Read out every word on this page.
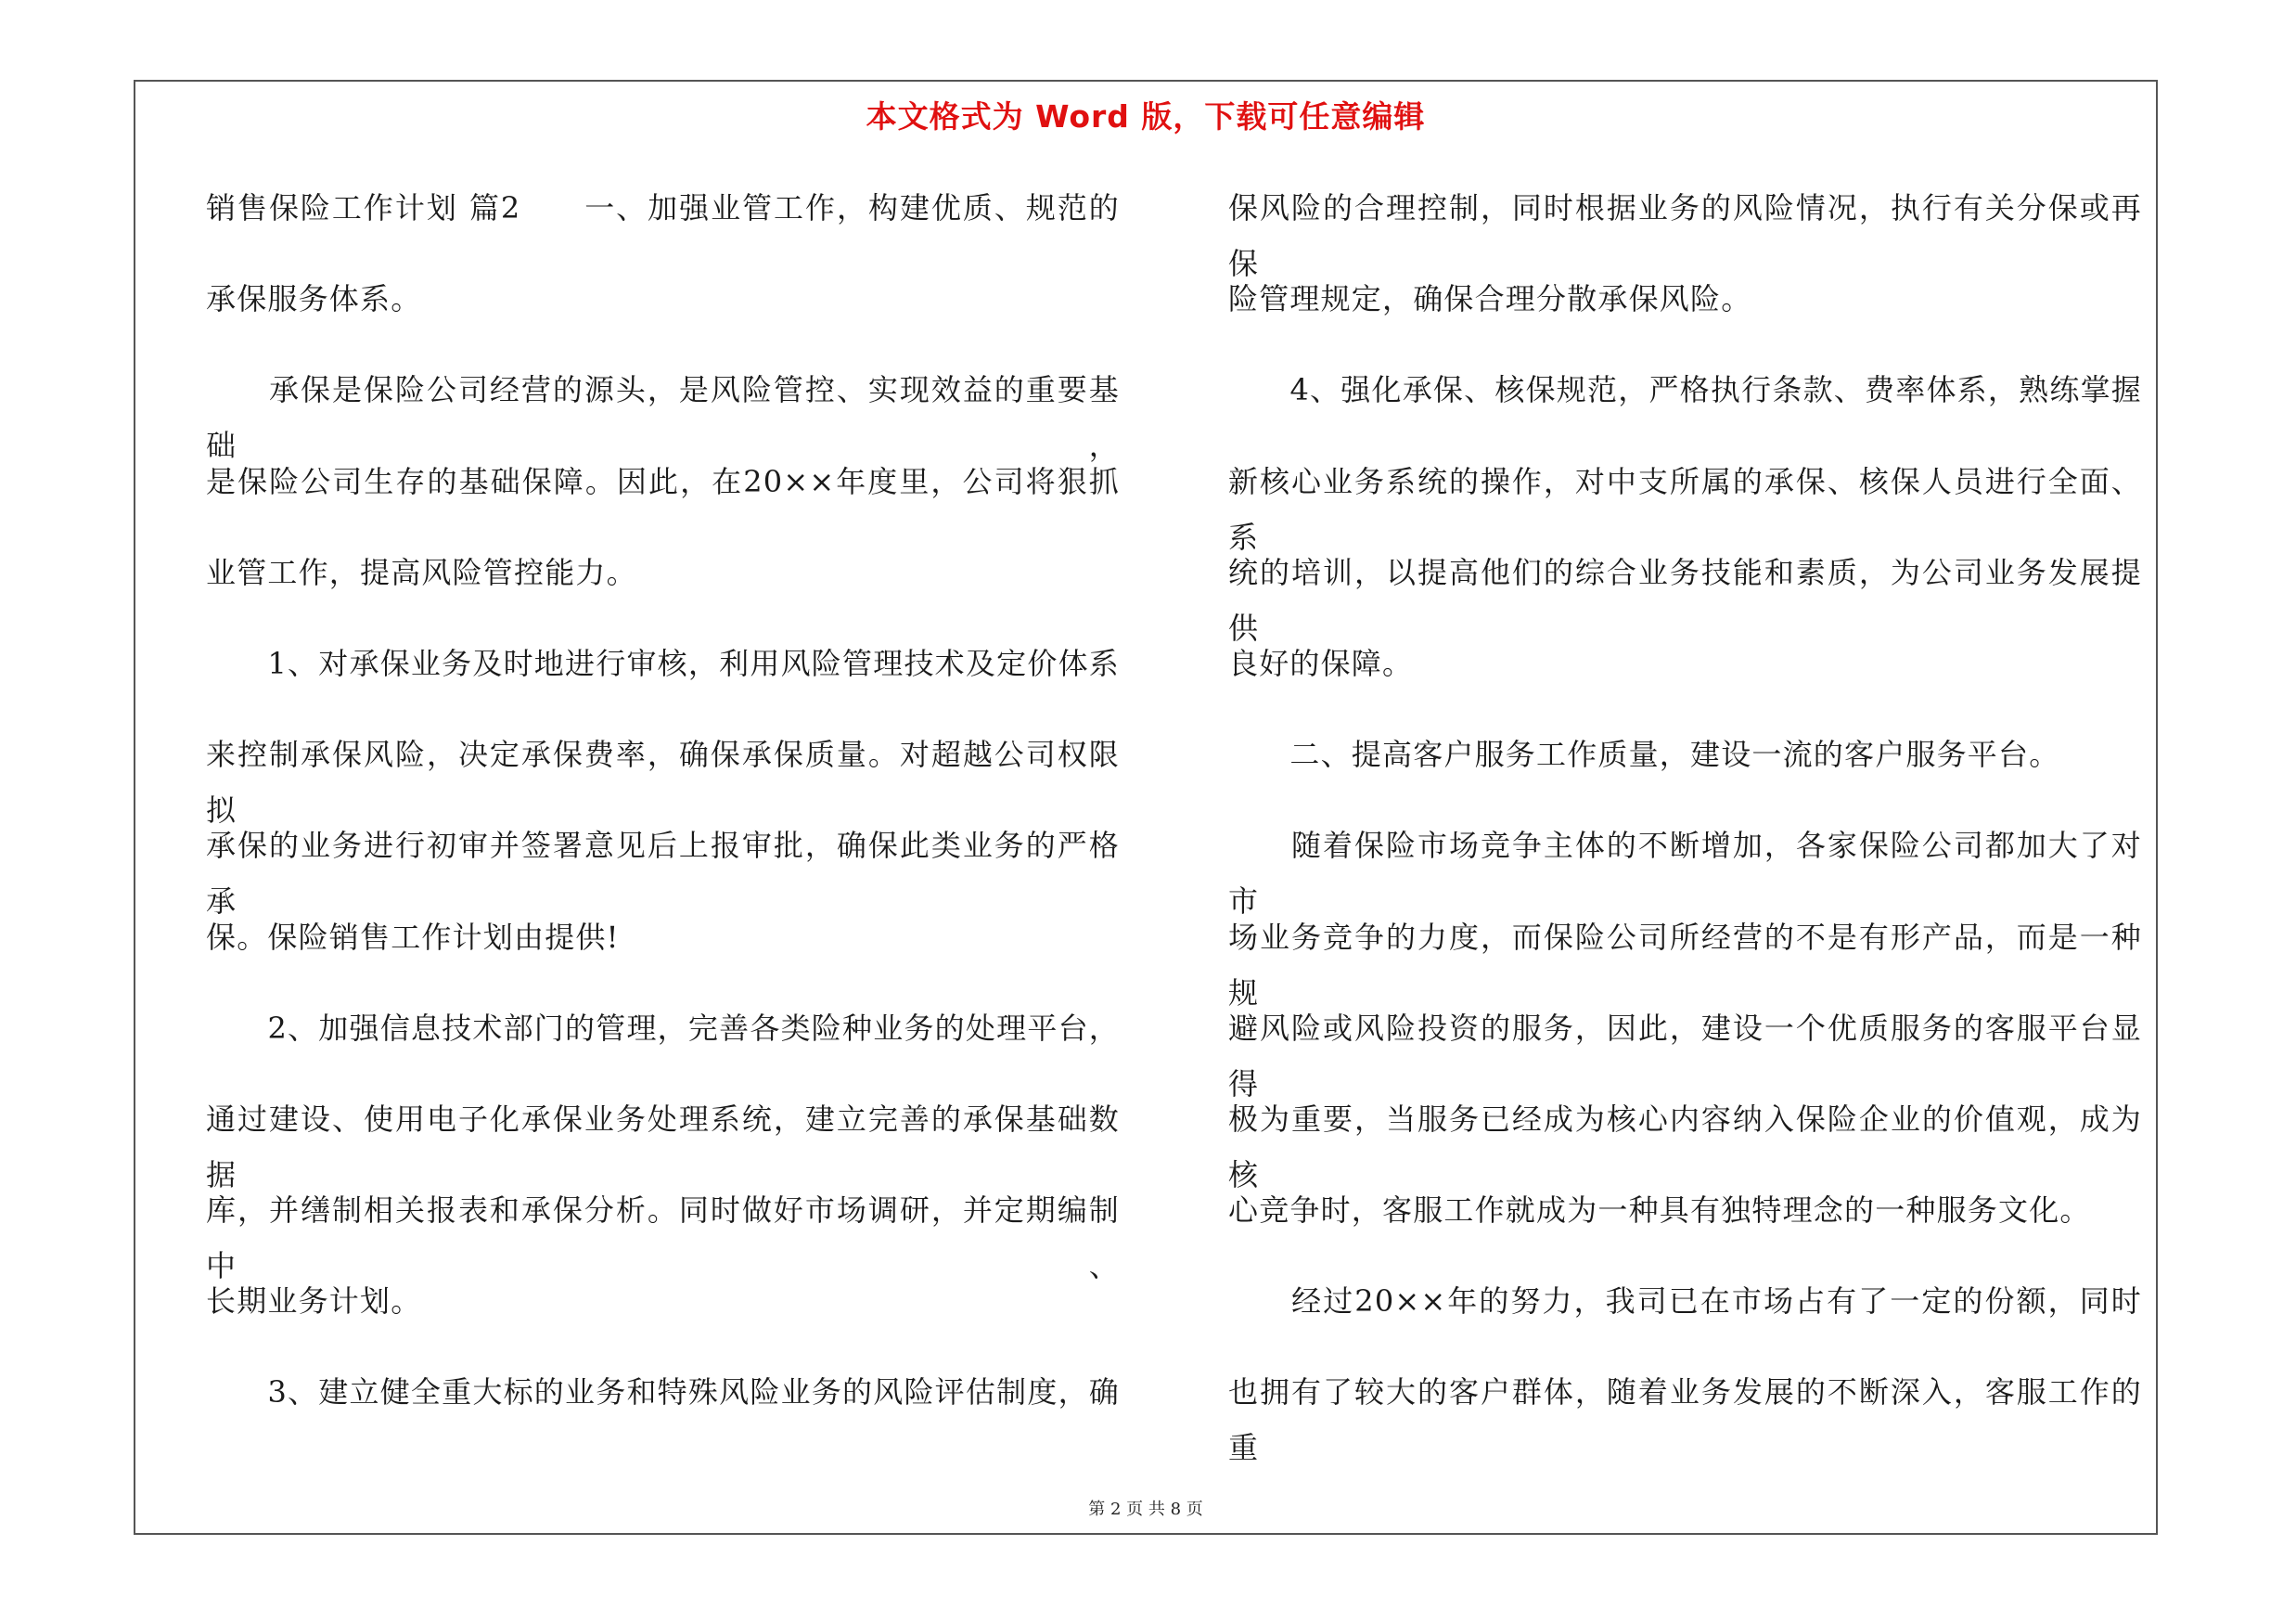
本文格式为 Word 版，下载可任意编辑
销售保险工作计划 篇2　　一、加强业管工作，构建优质、规范的
承保服务体系。
　　承保是保险公司经营的源头，是风险管控、实现效益的重要基础，
是保险公司生存的基础保障。因此，在20××年度里，公司将狠抓
业管工作，提高风险管控能力。
　　1、对承保业务及时地进行审核，利用风险管理技术及定价体系
来控制承保风险，决定承保费率，确保承保质量。对超越公司权限拟
承保的业务进行初审并签署意见后上报审批，确保此类业务的严格承
保。保险销售工作计划由提供!
　　2、加强信息技术部门的管理，完善各类险种业务的处理平台，
通过建设、使用电子化承保业务处理系统，建立完善的承保基础数据
库，并缮制相关报表和承保分析。同时做好市场调研，并定期编制中、
长期业务计划。
　　3、建立健全重大标的业务和特殊风险业务的风险评估制度，确
保风险的合理控制，同时根据业务的风险情况，执行有关分保或再保
险管理规定，确保合理分散承保风险。
　　4、强化承保、核保规范，严格执行条款、费率体系，熟练掌握
新核心业务系统的操作，对中支所属的承保、核保人员进行全面、系
统的培训，以提高他们的综合业务技能和素质，为公司业务发展提供
良好的保障。
　　二、提高客户服务工作质量，建设一流的客户服务平台。
　　随着保险市场竞争主体的不断增加，各家保险公司都加大了对市
场业务竞争的力度，而保险公司所经营的不是有形产品，而是一种规
避风险或风险投资的服务，因此，建设一个优质服务的客服平台显得
极为重要，当服务已经成为核心内容纳入保险企业的价值观，成为核
心竞争时，客服工作就成为一种具有独特理念的一种服务文化。
　　经过20××年的努力，我司已在市场占有了一定的份额，同时
也拥有了较大的客户群体，随着业务发展的不断深入，客服工作的重
第 2 页 共 8 页
